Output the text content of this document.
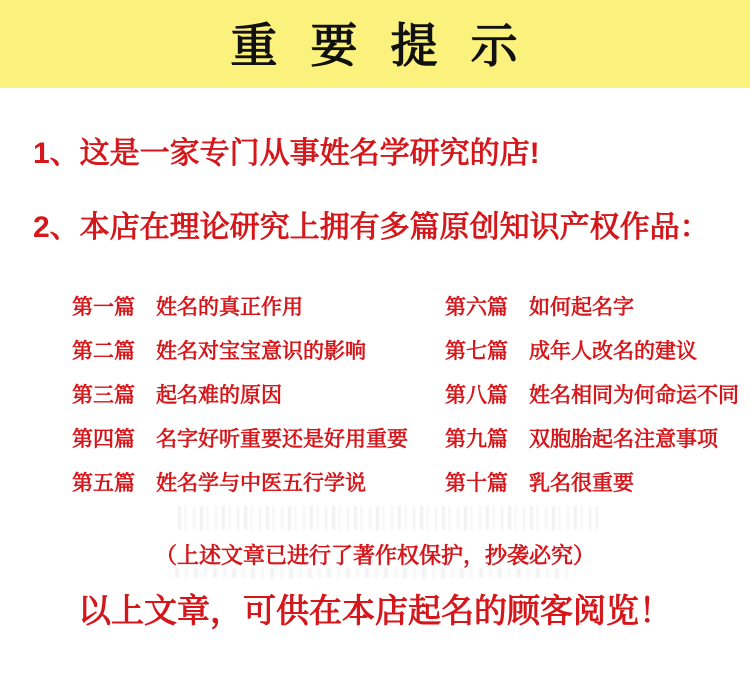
重 要 提 示
1、这是一家专门从事姓名学研究的店!
2、本店在理论研究上拥有多篇原创知识产权作品：
第一篇 姓名的真正作用
第二篇 姓名对宝宝意识的影响
第三篇 起名难的原因
第四篇 名字好听重要还是好用重要
第五篇 姓名学与中医五行学说
第六篇 如何起名字
第七篇 成年人改名的建议
第八篇 姓名相同为何命运不同
第九篇 双胞胎起名注意事项
第十篇 乳名很重要
（上述文章已进行了著作权保护，抄袭必究）
以上文章，可供在本店起名的顾客阅览！
